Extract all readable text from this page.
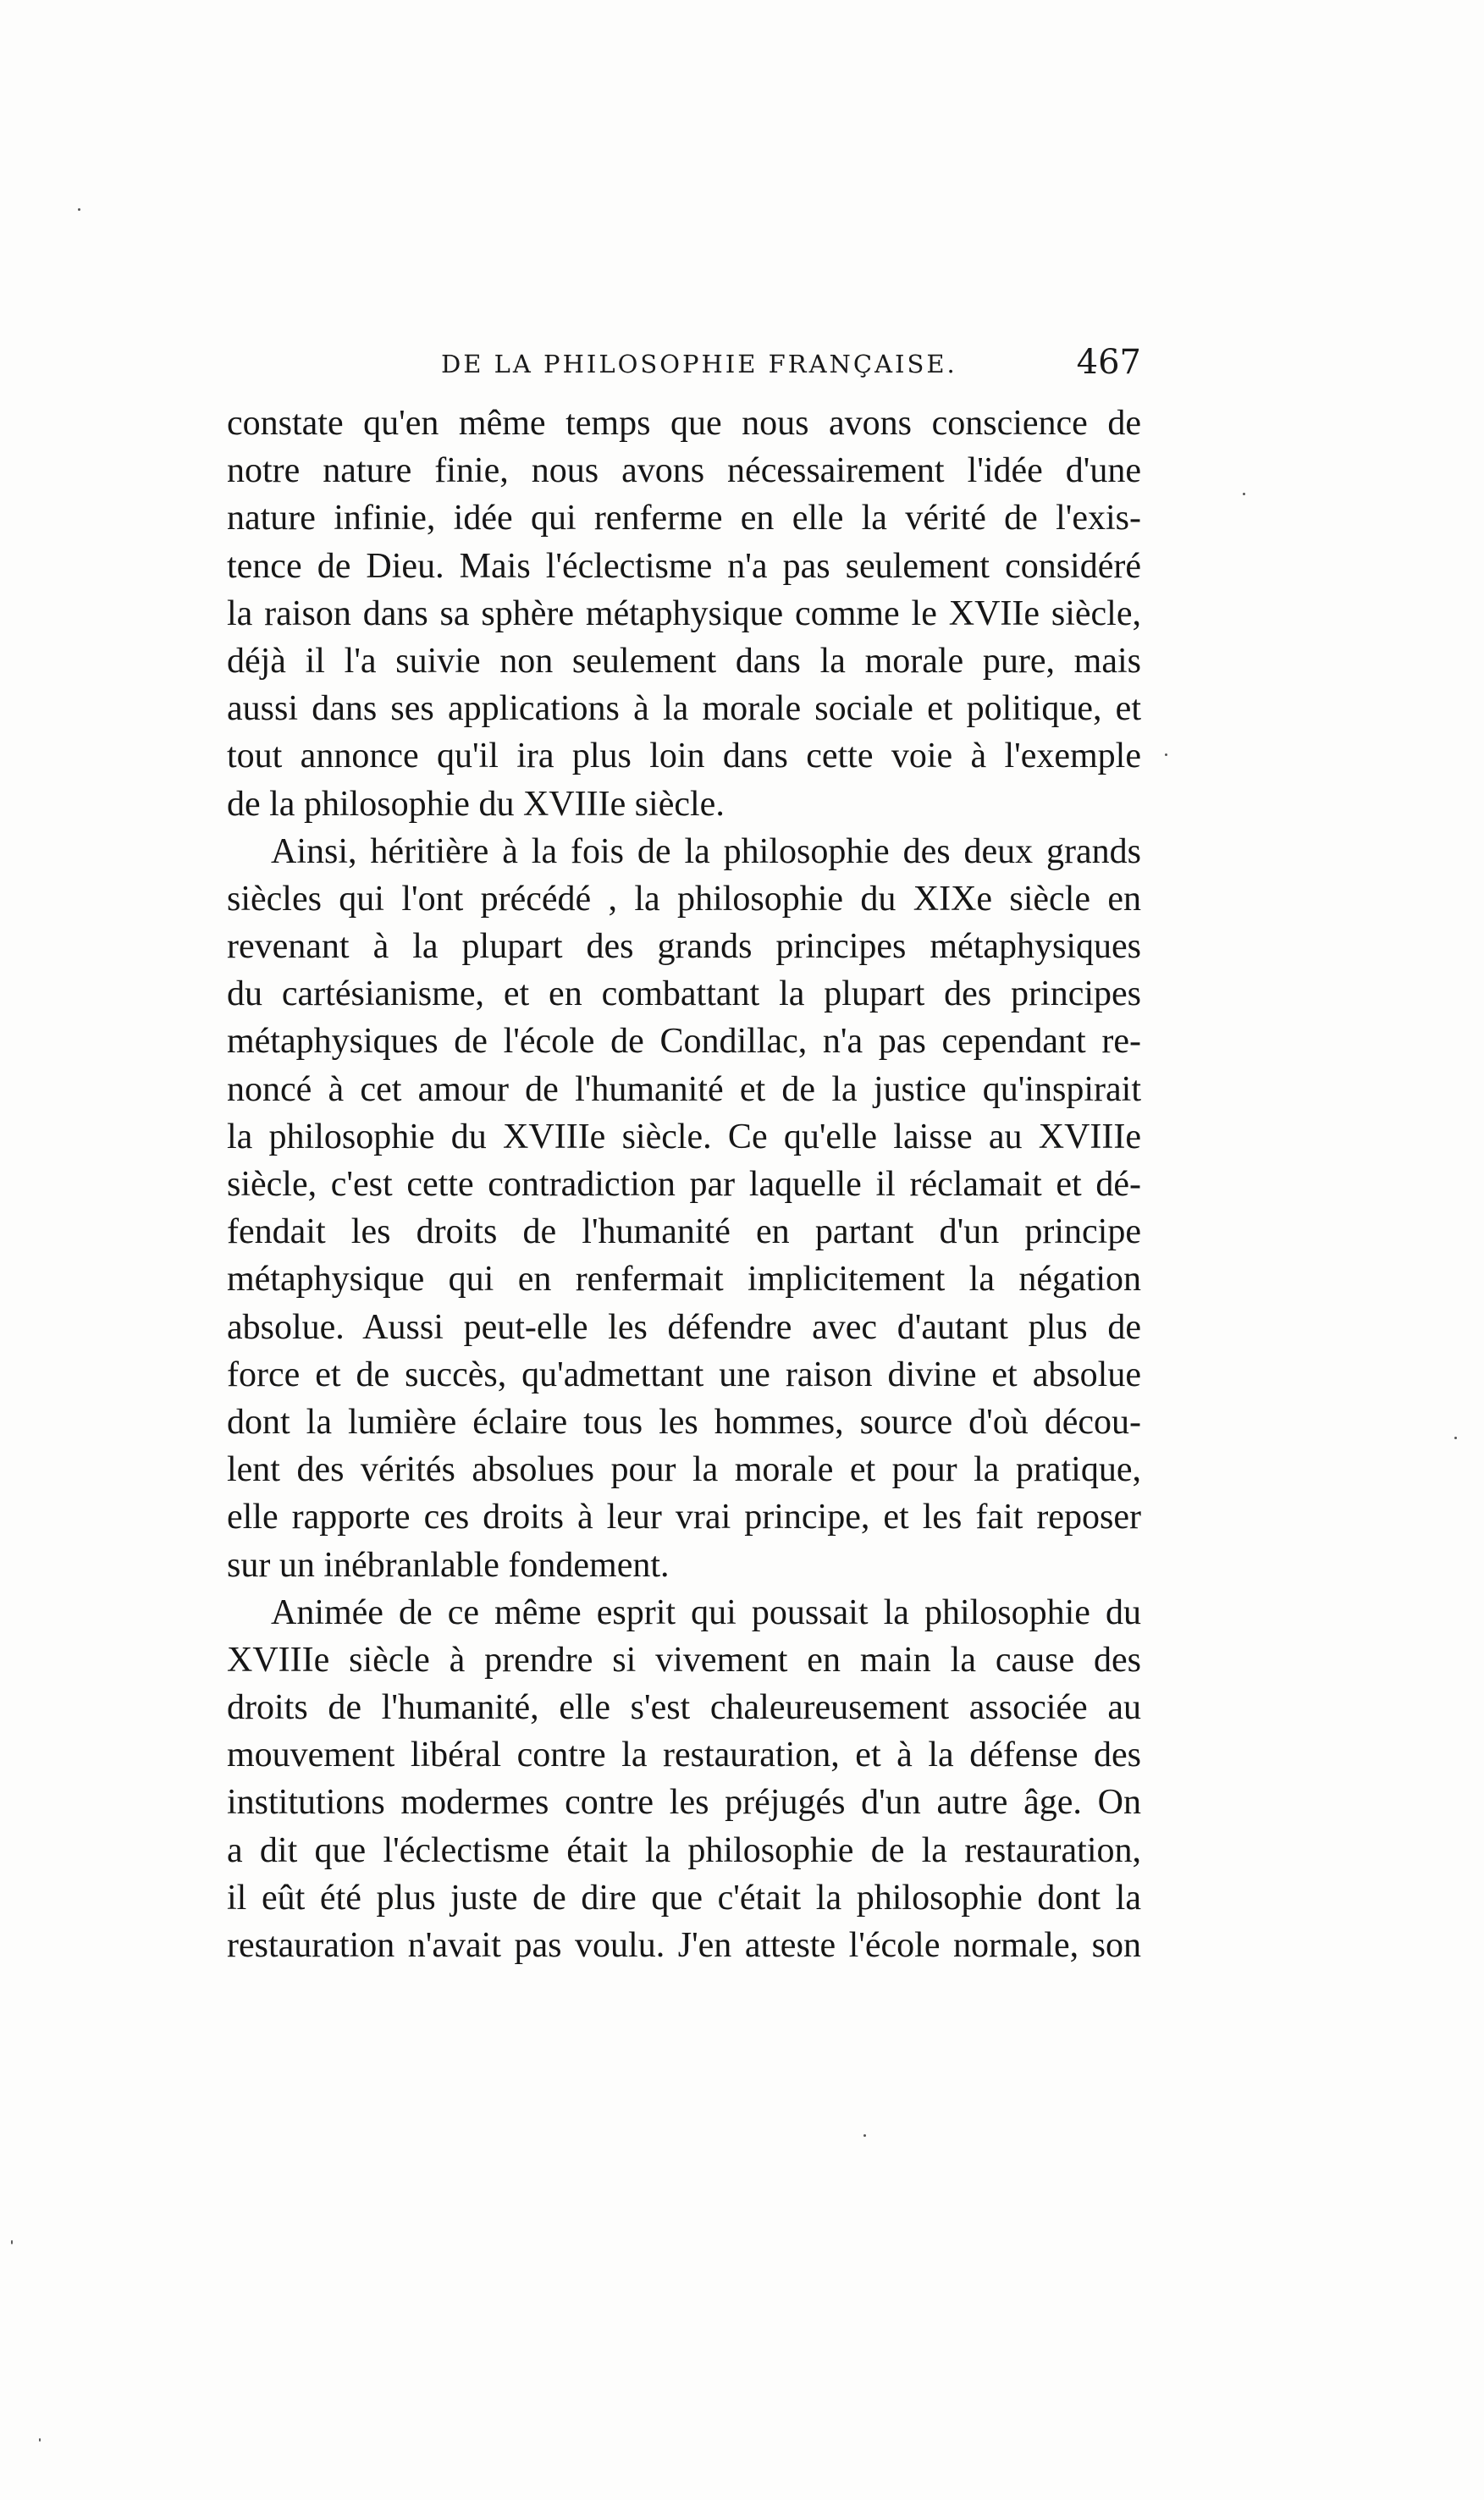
DE LA PHILOSOPHIE FRANÇAISE.	467
constate qu'en même temps que nous avons conscience de
notre nature finie, nous avons nécessairement l'idée d'une
nature infinie, idée qui renferme en elle la vérité de l'exis-
tence de Dieu. Mais l'éclectisme n'a pas seulement considéré
la raison dans sa sphère métaphysique comme le XVIIe siècle,
déjà il l'a suivie non seulement dans la morale pure, mais
aussi dans ses applications à la morale sociale et politique, et
tout annonce qu'il ira plus loin dans cette voie à l'exemple
de la philosophie du XVIIIe siècle.
Ainsi, héritière à la fois de la philosophie des deux grands
siècles qui l'ont précédé , la philosophie du XIXe siècle en
revenant à la plupart des grands principes métaphysiques
du cartésianisme, et en combattant la plupart des principes
métaphysiques de l'école de Condillac, n'a pas cependant re-
noncé à cet amour de l'humanité et de la justice qu'inspirait
la philosophie du XVIIIe siècle. Ce qu'elle laisse au XVIIIe
siècle, c'est cette contradiction par laquelle il réclamait et dé-
fendait les droits de l'humanité en partant d'un principe
métaphysique qui en renfermait implicitement la négation
absolue. Aussi peut-elle les défendre avec d'autant plus de
force et de succès, qu'admettant une raison divine et absolue
dont la lumière éclaire tous les hommes, source d'où décou-
lent des vérités absolues pour la morale et pour la pratique,
elle rapporte ces droits à leur vrai principe, et les fait reposer
sur un inébranlable fondement.
Animée de ce même esprit qui poussait la philosophie du
XVIIIe siècle à prendre si vivement en main la cause des
droits de l'humanité, elle s'est chaleureusement associée au
mouvement libéral contre la restauration, et à la défense des
institutions modermes contre les préjugés d'un autre âge. On
a dit que l'éclectisme était la philosophie de la restauration,
il eût été plus juste de dire que c'était la philosophie dont la
restauration n'avait pas voulu. J'en atteste l'école normale, son
